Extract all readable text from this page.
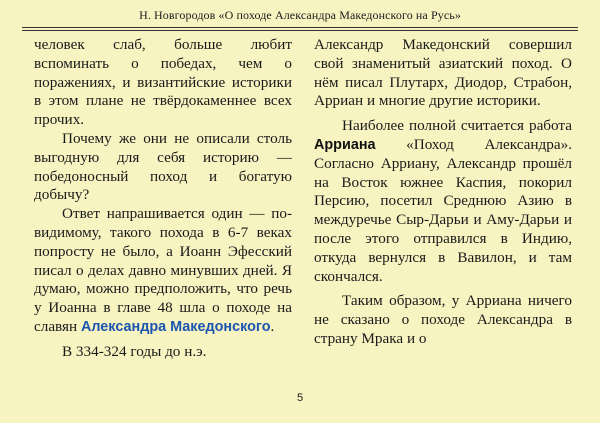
Н. Новгородов «О походе Александра Македонского на Русь»

человек слаб, больше любит вспоминать о победах, чем о поражениях, и византийские историки в этом плане не твёрдокаменнее всех прочих.

Почему же они не описали столь выгодную для себя историю — победоносный поход и богатую добычу?

Ответ напрашивается один — по-видимому, такого похода в 6-7 веках попросту не было, а Иоанн Эфесский писал о делах давно минувших дней. Я думаю, можно предположить, что речь у Иоанна в главе 48 шла о походе на славян Александра Македонского.

В 334-324 годы до н.э.

Александр Македонский совершил свой знаменитый азиатский поход. О нём писал Плутарх, Диодор, Страбон, Арриан и многие другие историки.

Наиболее полной считается работа Арриана «Поход Александра». Согласно Арриану, Александр прошёл на Восток южнее Каспия, покорил Персию, посетил Среднюю Азию в междуречье Сыр-Дарьи и Аму-Дарьи и после этого отправился в Индию, откуда вернулся в Вавилон, и там скончался.

Таким образом, у Арриана ничего не сказано о походе Александра в страну Мрака и о

5
